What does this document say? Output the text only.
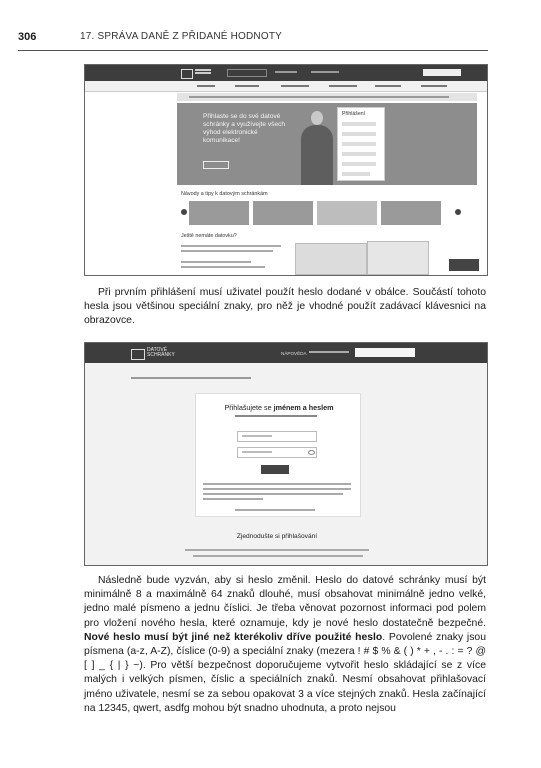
306	17. SPRÁVA DANĚ Z PŘIDANÉ HODNOTY
Přihlaste se do své datové schránky a využívejte všech výhod elektronické komunikace!
Přihlášení
Návody a tipy k datovým schránkám
Ještě nemáte datovku?

Při prvním přihlášení musí uživatel použít heslo dodané v obálce. Součástí tohoto hesla jsou většinou speciální znaky, pro něž je vhodné použít zadávací klávesnici na obrazovce.

DATOVÉ
SCHRÁNKY	NÁPOVĚDA
Přihlašujete se jménem a heslem
Zjednodušte si přihlašování

Následně bude vyzván, aby si heslo změnil. Heslo do datové schránky musí být minimálně 8 a maximálně 64 znaků dlouhé, musí obsahovat minimálně jedno velké, jedno malé písmeno a jednu číslici. Je třeba věnovat pozornost informaci pod polem pro vložení nového hesla, které oznamuje, kdy je nové heslo dostatečně bezpečné. Nové heslo musí být jiné než kterékoliv dříve použité heslo. Povolené znaky jsou písmena (a-z, A-Z), číslice (0-9) a speciální znaky (mezera ! # $ % & ( ) * + , - . : = ? @ [ ] _ { | } ~). Pro větší bezpečnost doporučujeme vytvořit heslo skládající se z více malých i velkých písmen, číslic a speciálních znaků. Nesmí obsahovat přihlašovací jméno uživatele, nesmí se za sebou opakovat 3 a více stejných znaků. Hesla začínající na 12345, qwert, asdfg mohou být snadno uhodnuta, a proto nejsou
